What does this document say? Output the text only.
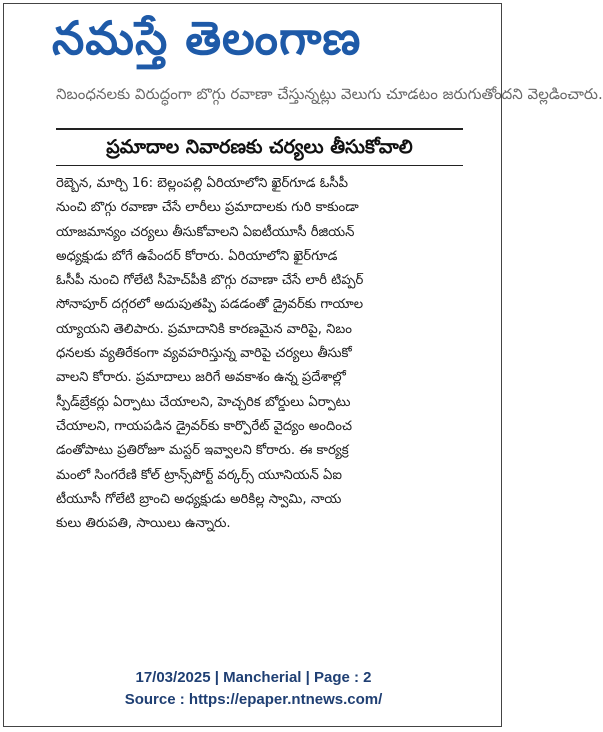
నమస్తే తెలంగాణ
నిబంధనలకు విరుద్ధంగా బొగ్గు రవాణా చేస్తున్నట్లు వెలుగు చూడటం జరుగుతోందని వెల్లడించారు.
ప్రమాదాల నివారణకు చర్యలు తీసుకోవాలి
రెబ్బెన, మార్చి 16: బెల్లంపల్లి ఏరియాలోని ఖైర్‌గూడ ఓసీపీ
నుంచి బొగ్గు రవాణా చేసే లారీలు ప్రమాదాలకు గురి కాకుండా
యాజమాన్యం చర్యలు తీసుకోవాలని ఏఐటీయూసీ రీజియన్
అధ్యక్షుడు బోగే ఉపేందర్ కోరారు. ఏరియాలోని ఖైర్‌గూడ
ఓసీపీ నుంచి గోలేటి సీహెచ్‌పీకి బొగ్గు రవాణా చేసే లారీ టిప్పర్
సోనాపూర్ దగ్గరలో అదుపుతప్పి పడడంతో డ్రైవర్‌కు గాయాల
య్యాయని తెలిపారు. ప్రమాదానికి కారణమైన వారిపై, నిబం
ధనలకు వ్యతిరేకంగా వ్యవహరిస్తున్న వారిపై చర్యలు తీసుకో
వాలని కోరారు. ప్రమాదాలు జరిగే అవకాశం ఉన్న ప్రదేశాల్లో
స్పీడ్‌బ్రేకర్లు ఏర్పాటు చేయాలని, హెచ్చరిక బోర్డులు ఏర్పాటు
చేయాలని, గాయపడిన డ్రైవర్‌కు కార్పొరేట్ వైద్యం అందించ
డంతోపాటు ప్రతిరోజూ మస్టర్ ఇవ్వాలని కోరారు. ఈ కార్యక్ర
మంలో సింగరేణి కోల్ ట్రాన్స్‌పోర్ట్ వర్కర్స్ యూనియన్ ఏఐ
టీయూసీ గోలేటి బ్రాంచి అధ్యక్షుడు అరికిల్ల స్వామి, నాయ
కులు తిరుపతి, సాయిలు ఉన్నారు.
17/03/2025 | Mancherial | Page : 2
Source : https://epaper.ntnews.com/
